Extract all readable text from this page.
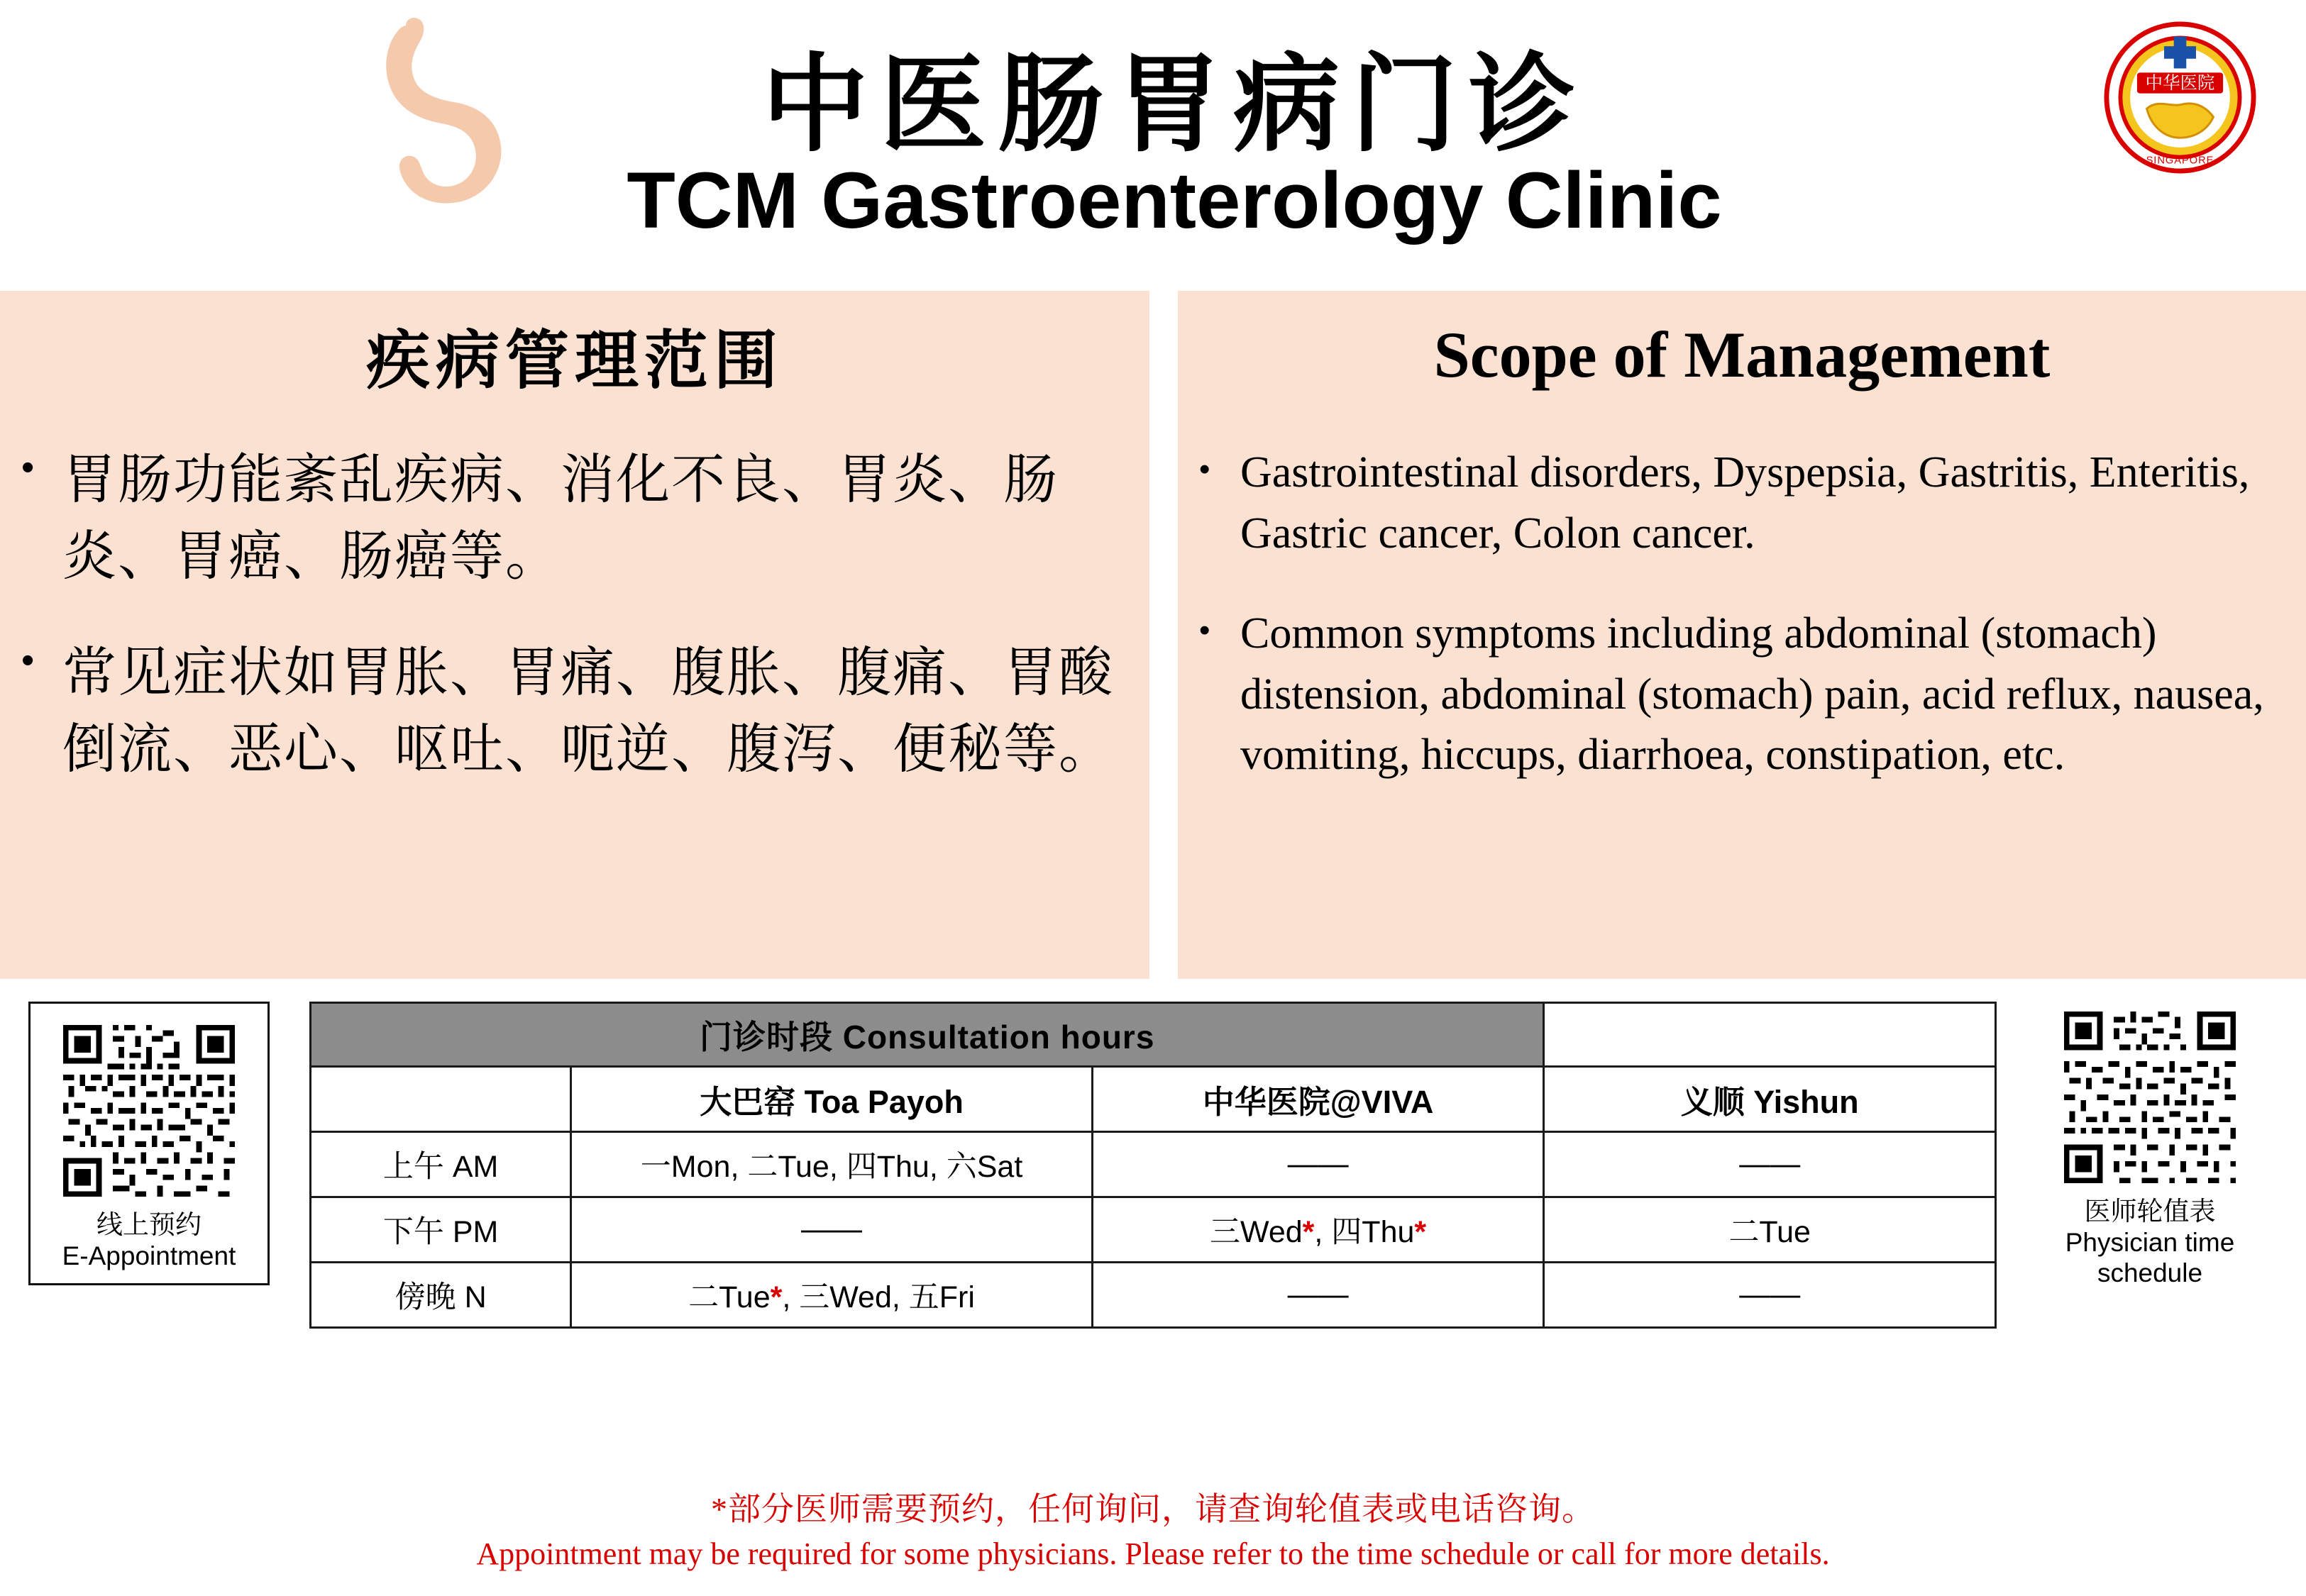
中医肠胃病门诊
TCM Gastroenterology Clinic
中华医院
SINGAPORE
疾病管理范围	Scope of Management
• 胃肠功能紊乱疾病、消化不良、胃炎、肠炎、胃癌、肠癌等。
• 常见症状如胃胀、胃痛、腹胀、腹痛、胃酸倒流、恶心、呕吐、呃逆、腹泻、便秘等。
• Gastrointestinal disorders, Dyspepsia, Gastritis, Enteritis, Gastric cancer, Colon cancer.
• Common symptoms including abdominal (stomach) distension, abdominal (stomach) pain, acid reflux, nausea, vomiting, hiccups, diarrhoea, constipation, etc.
线上预约
E-Appointment
门诊时段 Consultation hours			
	大巴窑 Toa Payoh	中华医院@VIVA	义顺 Yishun
上午 AM	一Mon, 二Tue, 四Thu, 六Sat	——	——
下午 PM	——	三Wed*, 四Thu*	二Tue
傍晚 N	二Tue*, 三Wed, 五Fri	——	——
医师轮值表
Physician time
schedule
*部分医师需要预约，任何询问，请查询轮值表或电话咨询。
Appointment may be required for some physicians. Please refer to the time schedule or call for more details.
